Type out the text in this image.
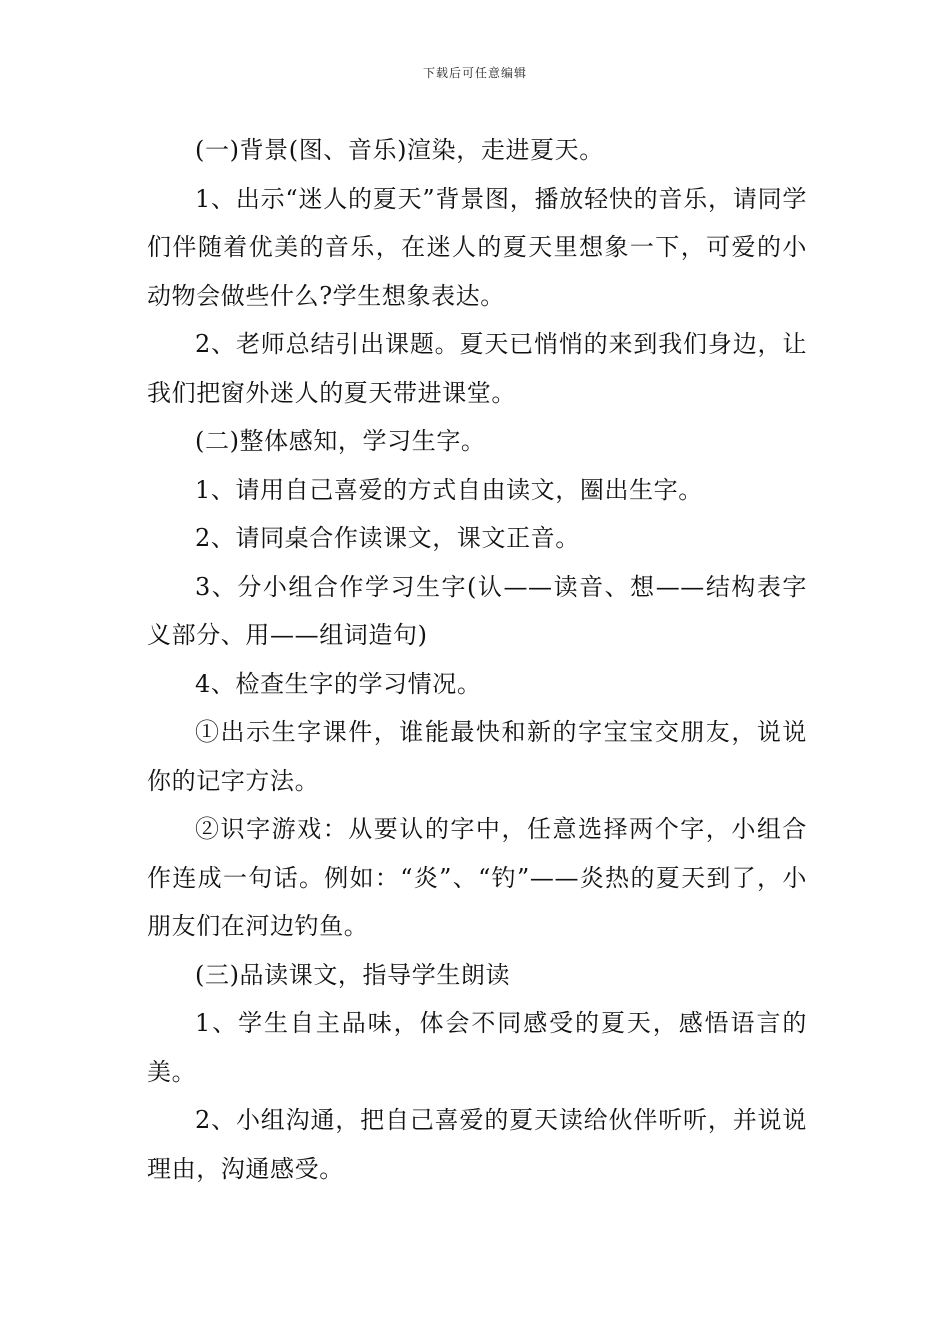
下载后可任意编辑

(一)背景(图、音乐)渲染，走进夏天。

1、出示“迷人的夏天”背景图，播放轻快的音乐，请同学们伴随着优美的音乐，在迷人的夏天里想象一下，可爱的小动物会做些什么?学生想象表达。

2、老师总结引出课题。夏天已悄悄的来到我们身边，让我们把窗外迷人的夏天带进课堂。

(二)整体感知，学习生字。

1、请用自己喜爱的方式自由读文，圈出生字。

2、请同桌合作读课文，课文正音。

3、分小组合作学习生字(认——读音、想——结构表字义部分、用——组词造句)

4、检查生字的学习情况。

①出示生字课件，谁能最快和新的字宝宝交朋友，说说你的记字方法。

②识字游戏：从要认的字中，任意选择两个字，小组合作连成一句话。例如：“炎”、“钓”——炎热的夏天到了，小朋友们在河边钓鱼。

(三)品读课文，指导学生朗读

1、学生自主品味，体会不同感受的夏天，感悟语言的美。

2、小组沟通，把自己喜爱的夏天读给伙伴听听，并说说理由，沟通感受。
